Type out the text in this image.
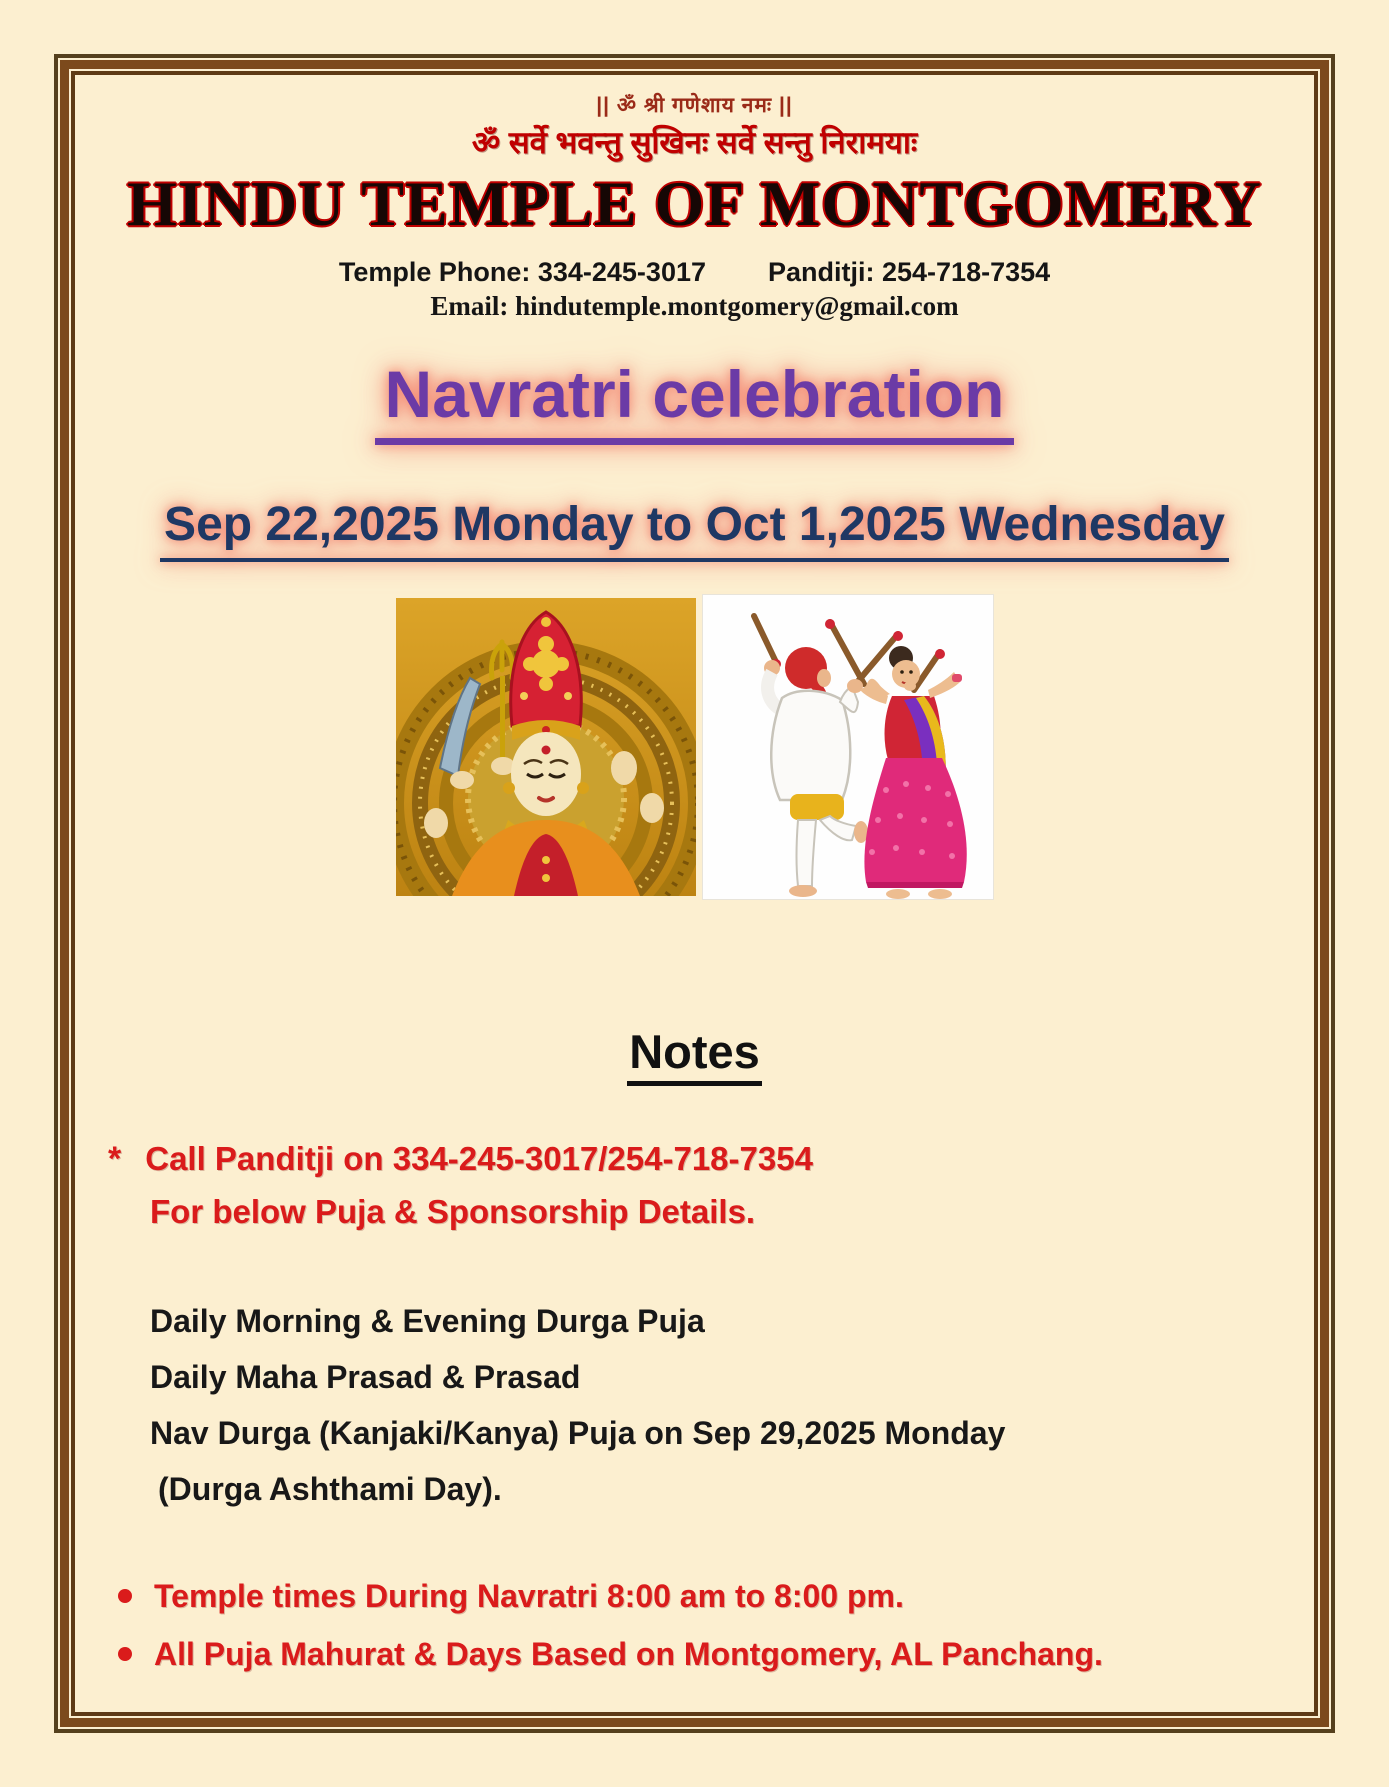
|| ॐ श्री गणेशाय नमः ||
ॐ सर्वे भवन्तु सुखिनः सर्वे सन्तु निरामयाः
HINDU TEMPLE OF MONTGOMERY
Temple Phone: 334-245-3017 Panditji: 254-718-7354
Email: hindutemple.montgomery@gmail.com
Navratri celebration
Sep 22,2025 Monday to Oct 1,2025 Wednesday
Notes
* Call Panditji on 334-245-3017/254-718-7354
For below Puja & Sponsorship Details.
Daily Morning & Evening Durga Puja
Daily Maha Prasad & Prasad
Nav Durga (Kanjaki/Kanya) Puja on Sep 29,2025 Monday
(Durga Ashthami Day).
Temple times During Navratri 8:00 am to 8:00 pm.
All Puja Mahurat & Days Based on Montgomery, AL Panchang.
